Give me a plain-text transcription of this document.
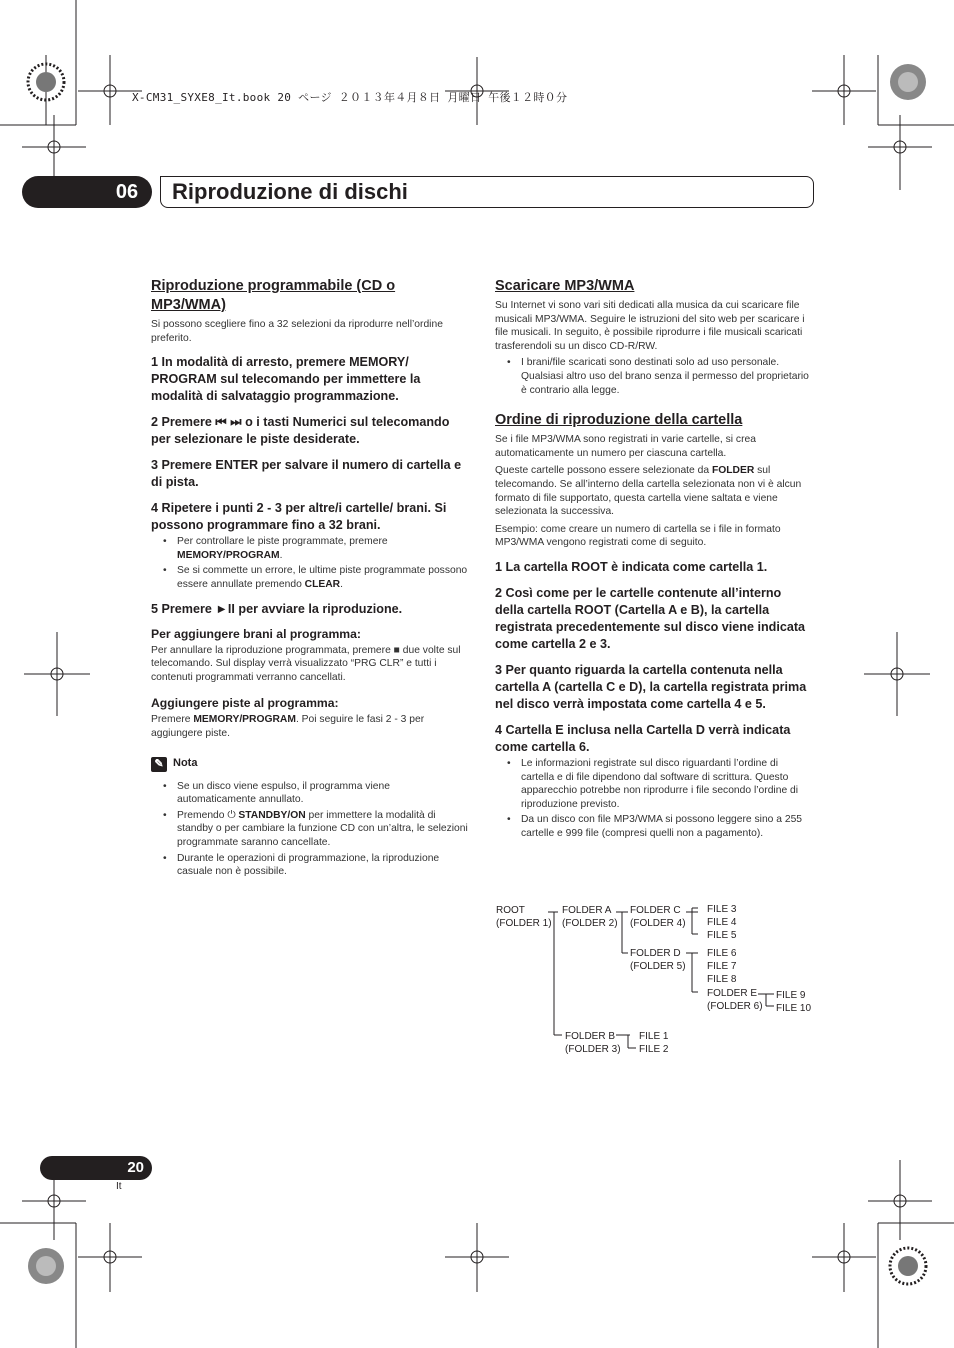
X-CM31_SYXE8_It.book 20 ページ ２０１３年４月８日 月曜日 午後１２時０分
06 Riproduzione di dischi

Riproduzione programmabile (CD o MP3/WMA)

Si possono scegliere fino a 32 selezioni da riprodurre nell’ordine preferito.

1 In modalità di arresto, premere MEMORY/ PROGRAM sul telecomando per immettere la modalità di salvataggio programmazione.

2 Premere ⏮ ⏭ o i tasti Numerici sul telecomando per selezionare le piste desiderate.

3 Premere ENTER per salvare il numero di cartella e di pista.

4 Ripetere i punti 2 - 3 per altre/i cartelle/ brani. Si possono programmare fino a 32 brani.

• Per controllare le piste programmate, premere MEMORY/PROGRAM.
• Se si commette un errore, le ultime piste programmate possono essere annullate premendo CLEAR.

5 Premere ►II per avviare la riproduzione.

Per aggiungere brani al programma:

Per annullare la riproduzione programmata, premere ■ due volte sul telecomando. Sul display verrà visualizzato “PRG CLR” e tutti i contenuti programmati verranno cancellati.

Aggiungere piste al programma:

Premere MEMORY/PROGRAM. Poi seguire le fasi 2 - 3 per aggiungere piste.

✎ Nota
• Se un disco viene espulso, il programma viene automaticamente annullato.
• Premendo ⏻ STANDBY/ON per immettere la modalità di standby o per cambiare la funzione CD con un’altra, le selezioni programmate saranno cancellate.
• Durante le operazioni di programmazione, la riproduzione casuale non è possibile.

Scaricare MP3/WMA

Su Internet vi sono vari siti dedicati alla musica da cui scaricare file musicali MP3/WMA. Seguire le istruzioni del sito web per scaricare i file musicali. In seguito, è possibile riprodurre i file musicali scaricati trasferendoli su un disco CD-R/RW.

• I brani/file scaricati sono destinati solo ad uso personale. Qualsiasi altro uso del brano senza il permesso del proprietario è contrario alla legge.

Ordine di riproduzione della cartella

Se i file MP3/WMA sono registrati in varie cartelle, si crea automaticamente un numero per ciascuna cartella.

Queste cartelle possono essere selezionate da FOLDER sul telecomando. Se all’interno della cartella selezionata non vi è alcun formato di file supportato, questa cartella viene saltata e viene selezionata la successiva.

Esempio: come creare un numero di cartella se i file in formato MP3/WMA vengono registrati come di seguito.

1 La cartella ROOT è indicata come cartella 1.

2 Così come per le cartelle contenute all’interno della cartella ROOT (Cartella A e B), la cartella registrata precedentemente sul disco viene indicata come cartella 2 e 3.

3 Per quanto riguarda la cartella contenuta nella cartella A (cartella C e D), la cartella registrata prima nel disco verrà impostata come cartella 4 e 5.

4 Cartella E inclusa nella Cartella D verrà indicata come cartella 6.

• Le informazioni registrate sul disco riguardanti l’ordine di cartella e di file dipendono dal software di scrittura. Questo apparecchio potrebbe non riprodurre i file secondo l’ordine di riproduzione previsto.
• Da un disco con file MP3/WMA si possono leggere sino a 255 cartelle e 999 file (compresi quelli non a pagamento).
ROOT
(FOLDER 1)
FOLDER A
(FOLDER 2)
FOLDER C
(FOLDER 4)
FILE 3
FILE 4
FILE 5
FOLDER D
(FOLDER 5)
FILE 6
FILE 7
FILE 8
FOLDER E
(FOLDER 6)
FILE 9
FILE 10
FOLDER B
(FOLDER 3)
FILE 1
FILE 2
20
It
